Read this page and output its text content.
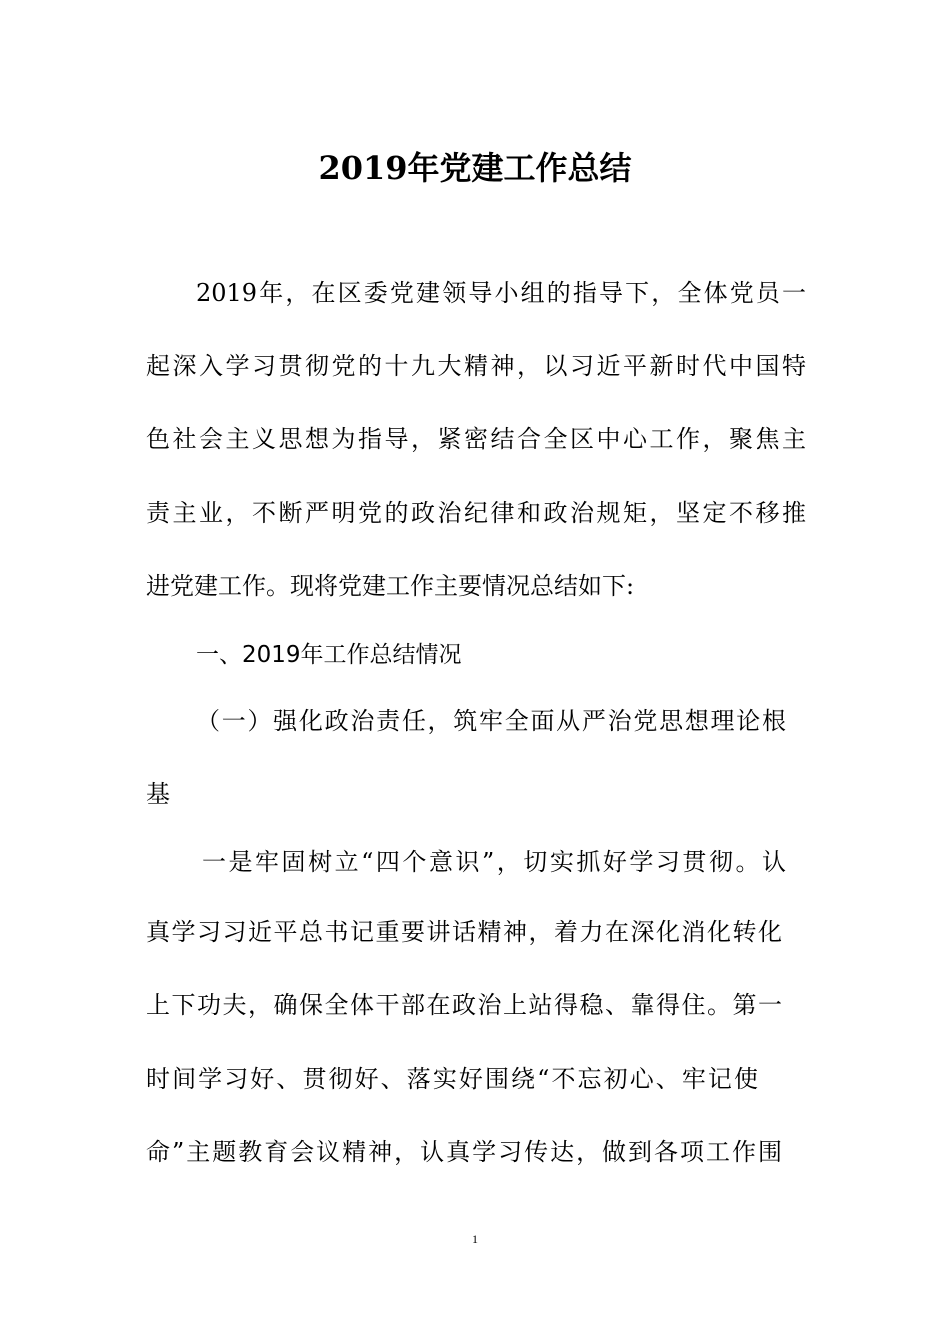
2019年党建工作总结
2019年，在区委党建领导小组的指导下，全体党员一
起深入学习贯彻党的十九大精神，以习近平新时代中国特
色社会主义思想为指导，紧密结合全区中心工作，聚焦主
责主业，不断严明党的政治纪律和政治规矩，坚定不移推
进党建工作。现将党建工作主要情况总结如下:
一、2019年工作总结情况
（一）强化政治责任，筑牢全面从严治党思想理论根
基
一是牢固树立“四个意识”，切实抓好学习贯彻。认
真学习习近平总书记重要讲话精神，着力在深化消化转化
上下功夫，确保全体干部在政治上站得稳、靠得住。第一
时间学习好、贯彻好、落实好围绕“不忘初心、牢记使
命”主题教育会议精神，认真学习传达，做到各项工作围
1
